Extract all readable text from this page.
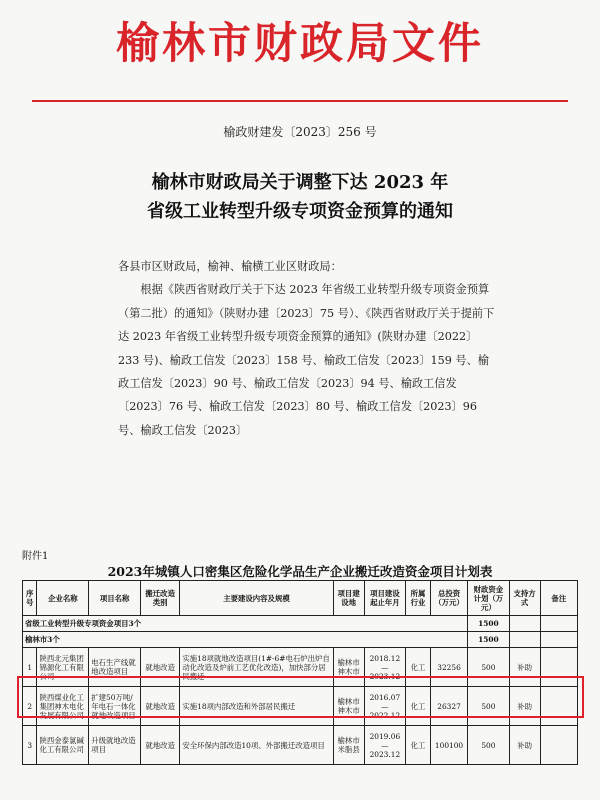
榆林市财政局文件
榆政财建发〔2023〕256 号
榆林市财政局关于调整下达 2023 年
省级工业转型升级专项资金预算的通知

各县市区财政局，榆神、榆横工业区财政局：

根据《陕西省财政厅关于下达 2023 年省级工业转型升级专项资金预算（第二批）的通知》（陕财办建〔2023〕75 号）、《陕西省财政厅关于提前下达 2023 年省级工业转型升级专项资金预算的通知》(陕财办建〔2022〕233 号)、榆政工信发〔2023〕158 号、榆政工信发〔2023〕159 号、榆政工信发〔2023〕90 号、榆政工信发〔2023〕94 号、榆政工信发〔2023〕76 号、榆政工信发〔2023〕80 号、榆政工信发〔2023〕96 号、榆政工信发〔2023〕

附件1
2023年城镇人口密集区危险化学品生产企业搬迁改造资金项目计划表
序号	企业名称	项目名称	搬迁改造类别	主要建设内容及规模	项目建设地	项目建设起止年月	所属行业	总投资（万元）	财政资金计划（万元）	支持方式	备注
省级工业转型升级专项资金项目3个									1500		
榆林市3个									1500		
1	陕西北元集团锦源化工有限公司	电石生产线就地改造项目	就地改造	实施18项就地改造项目(1#-6#电石炉出炉自动化改造及炉前工艺优化改造)，加快部分居民搬迁	榆林市神木市	2018.12—2023.12	化工	32256	500	补助	
2	陕西煤业化工集团神木电化发展有限公司	扩建50万吨/年电石一体化就地改造项目	就地改造	实施18项内部改造和外部居民搬迁	榆林市神木市	2016.07—2022.12	化工	26327	500	补助	
3	陕西金泰氯碱化工有限公司	升级就地改造项目	就地改造	安全环保内部改造10项、外部搬迁改造项目	榆林市米脂县	2019.06—2023.12	化工	100100	500	补助	
